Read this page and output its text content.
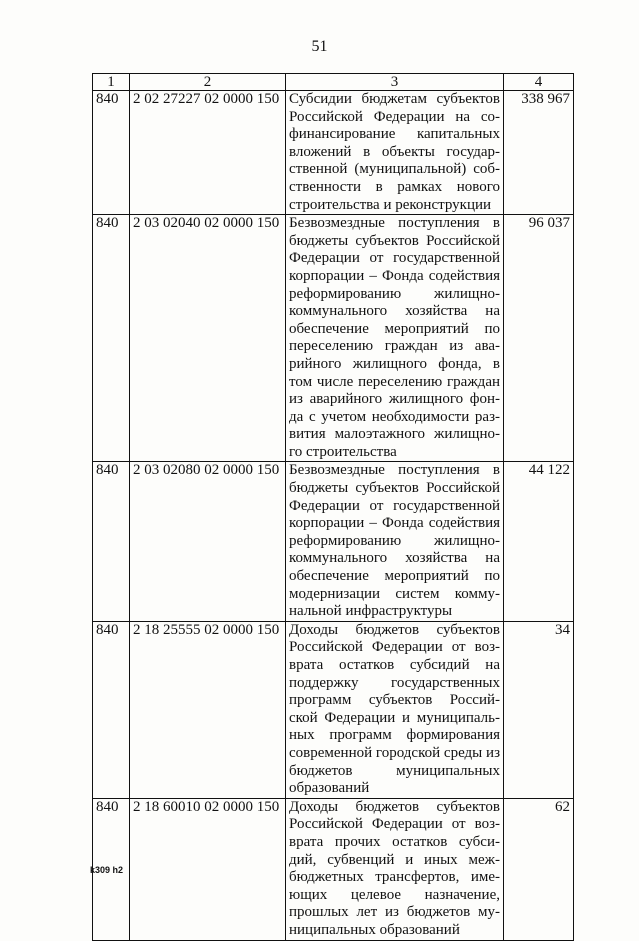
51
1	2	3	4
840	2 02 27227 02 0000 150	Субсидии бюджетам субъектов Российской Федерации на со-финансирование капитальных вложений в объекты государ-ственной (муниципальной) соб-ственности в рамках нового строительства и реконструкции	338 967
840	2 03 02040 02 0000 150	Безвозмездные поступления в бюджеты субъектов Российской Федерации от государственной корпорации – Фонда содействия реформированию жилищно-коммунального хозяйства на обеспечение мероприятий по переселению граждан из ава-рийного жилищного фонда, в том числе переселению граждан из аварийного жилищного фон-да с учетом необходимости раз-вития малоэтажного жилищно-го строительства	96 037
840	2 03 02080 02 0000 150	Безвозмездные поступления в бюджеты субъектов Российской Федерации от государственной корпорации – Фонда содействия реформированию жилищно-коммунального хозяйства на обеспечение мероприятий по модернизации систем комму-нальной инфраструктуры	44 122
840	2 18 25555 02 0000 150	Доходы бюджетов субъектов Российской Федерации от воз-врата остатков субсидий на поддержку государственных программ субъектов Россий-ской Федерации и муниципаль-ных программ формирования современной городской среды из бюджетов муниципальных образований	34
840	2 18 60010 02 0000 150	Доходы бюджетов субъектов Российской Федерации от воз-врата прочих остатков субси-дий, субвенций и иных меж-бюджетных трансфертов, име-ющих целевое назначение, прошлых лет из бюджетов му-ниципальных образований	62
k309 h2
